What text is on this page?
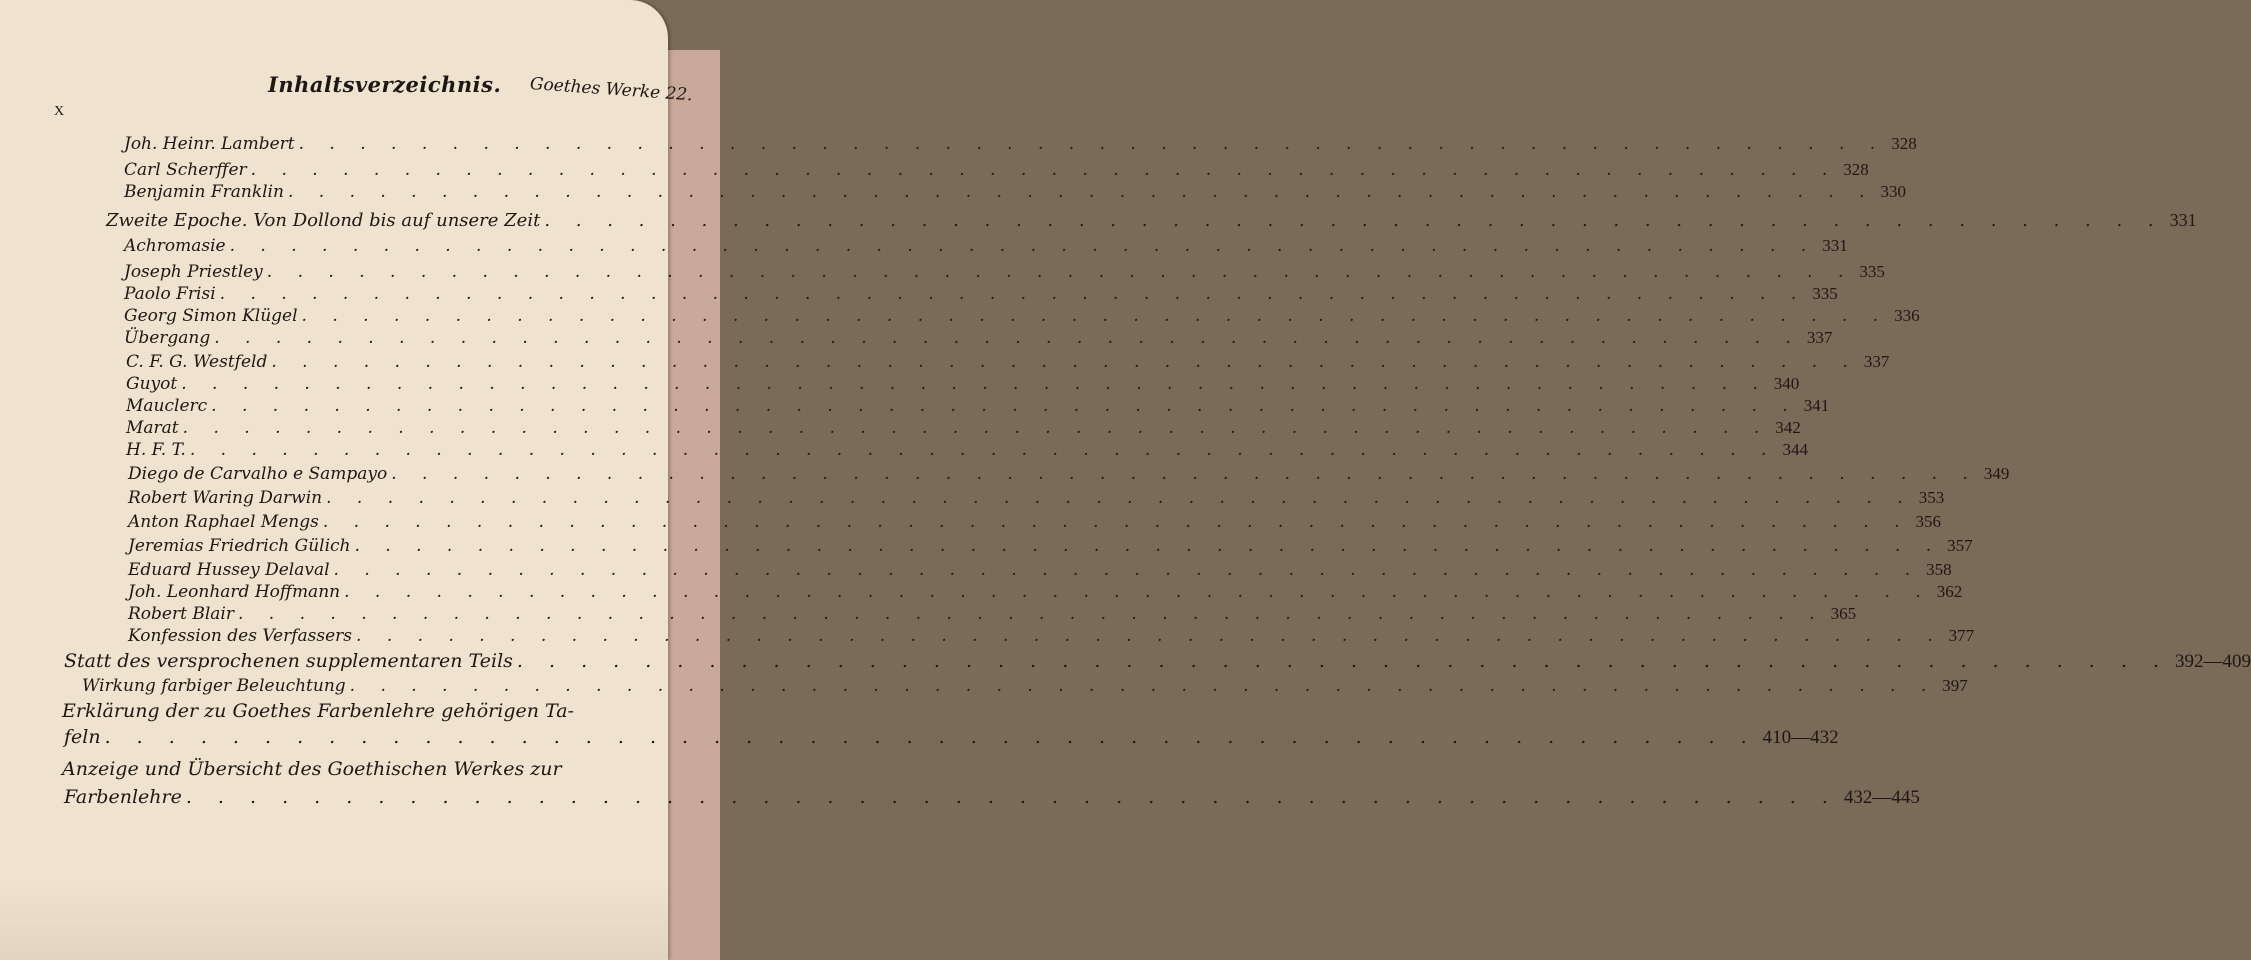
Inhaltsverzeichnis. Goethes Werke 22.
X
Joh. Heinr. Lambert . . . . . . . . . . . . . . . . . . . . . . . . . . . . . . . . . . . . . . . . . . . . . . . . . . . . 328
Carl Scherffer . . . . . . . . . . . . . . . . . . . . . . . . . . . . . . . . . . . . . . . . . . . . . . . . . . . . 328
Benjamin Franklin . . . . . . . . . . . . . . . . . . . . . . . . . . . . . . . . . . . . . . . . . . . . . . . . . . . . 330
Zweite Epoche. Von Dollond bis auf unsere Zeit . . . . . . . . . . . . . . . . . . . . . . . . . . . . . . . . . . . . . . . . . . . . . . . . . . . . 331
Achromasie . . . . . . . . . . . . . . . . . . . . . . . . . . . . . . . . . . . . . . . . . . . . . . . . . . . . 331
Joseph Priestley . . . . . . . . . . . . . . . . . . . . . . . . . . . . . . . . . . . . . . . . . . . . . . . . . . . . 335
Paolo Frisi . . . . . . . . . . . . . . . . . . . . . . . . . . . . . . . . . . . . . . . . . . . . . . . . . . . . 335
Georg Simon Klügel . . . . . . . . . . . . . . . . . . . . . . . . . . . . . . . . . . . . . . . . . . . . . . . . . . . . 336
Übergang . . . . . . . . . . . . . . . . . . . . . . . . . . . . . . . . . . . . . . . . . . . . . . . . . . . . 337
C. F. G. Westfeld . . . . . . . . . . . . . . . . . . . . . . . . . . . . . . . . . . . . . . . . . . . . . . . . . . . . 337
Guyot . . . . . . . . . . . . . . . . . . . . . . . . . . . . . . . . . . . . . . . . . . . . . . . . . . . . 340
Mauclerc . . . . . . . . . . . . . . . . . . . . . . . . . . . . . . . . . . . . . . . . . . . . . . . . . . . . 341
Marat . . . . . . . . . . . . . . . . . . . . . . . . . . . . . . . . . . . . . . . . . . . . . . . . . . . . 342
H. F. T. . . . . . . . . . . . . . . . . . . . . . . . . . . . . . . . . . . . . . . . . . . . . . . . . . . . . 344
Diego de Carvalho e Sampayo . . . . . . . . . . . . . . . . . . . . . . . . . . . . . . . . . . . . . . . . . . . . . . . . . . . . 349
Robert Waring Darwin . . . . . . . . . . . . . . . . . . . . . . . . . . . . . . . . . . . . . . . . . . . . . . . . . . . . 353
Anton Raphael Mengs . . . . . . . . . . . . . . . . . . . . . . . . . . . . . . . . . . . . . . . . . . . . . . . . . . . . 356
Jeremias Friedrich Gülich . . . . . . . . . . . . . . . . . . . . . . . . . . . . . . . . . . . . . . . . . . . . . . . . . . . . 357
Eduard Hussey Delaval . . . . . . . . . . . . . . . . . . . . . . . . . . . . . . . . . . . . . . . . . . . . . . . . . . . . 358
Joh. Leonhard Hoffmann . . . . . . . . . . . . . . . . . . . . . . . . . . . . . . . . . . . . . . . . . . . . . . . . . . . . 362
Robert Blair . . . . . . . . . . . . . . . . . . . . . . . . . . . . . . . . . . . . . . . . . . . . . . . . . . . . 365
Konfession des Verfassers . . . . . . . . . . . . . . . . . . . . . . . . . . . . . . . . . . . . . . . . . . . . . . . . . . . . 377
Statt des versprochenen supplementaren Teils . . . . . . . . . . . . . . . . . . . . . . . . . . . . . . . . . . . . . . . . . . . . . . . . . . . . 392—409
Wirkung farbiger Beleuchtung . . . . . . . . . . . . . . . . . . . . . . . . . . . . . . . . . . . . . . . . . . . . . . . . . . . . 397
Erklärung der zu Goethes Farbenlehre gehörigen Ta-
feln . . . . . . . . . . . . . . . . . . . . . . . . . . . . . . . . . . . . . . . . . . . . . . . . . . . . 410—432
Anzeige und Übersicht des Goethischen Werkes zur
Farbenlehre . . . . . . . . . . . . . . . . . . . . . . . . . . . . . . . . . . . . . . . . . . . . . . . . . . . . 432—445
